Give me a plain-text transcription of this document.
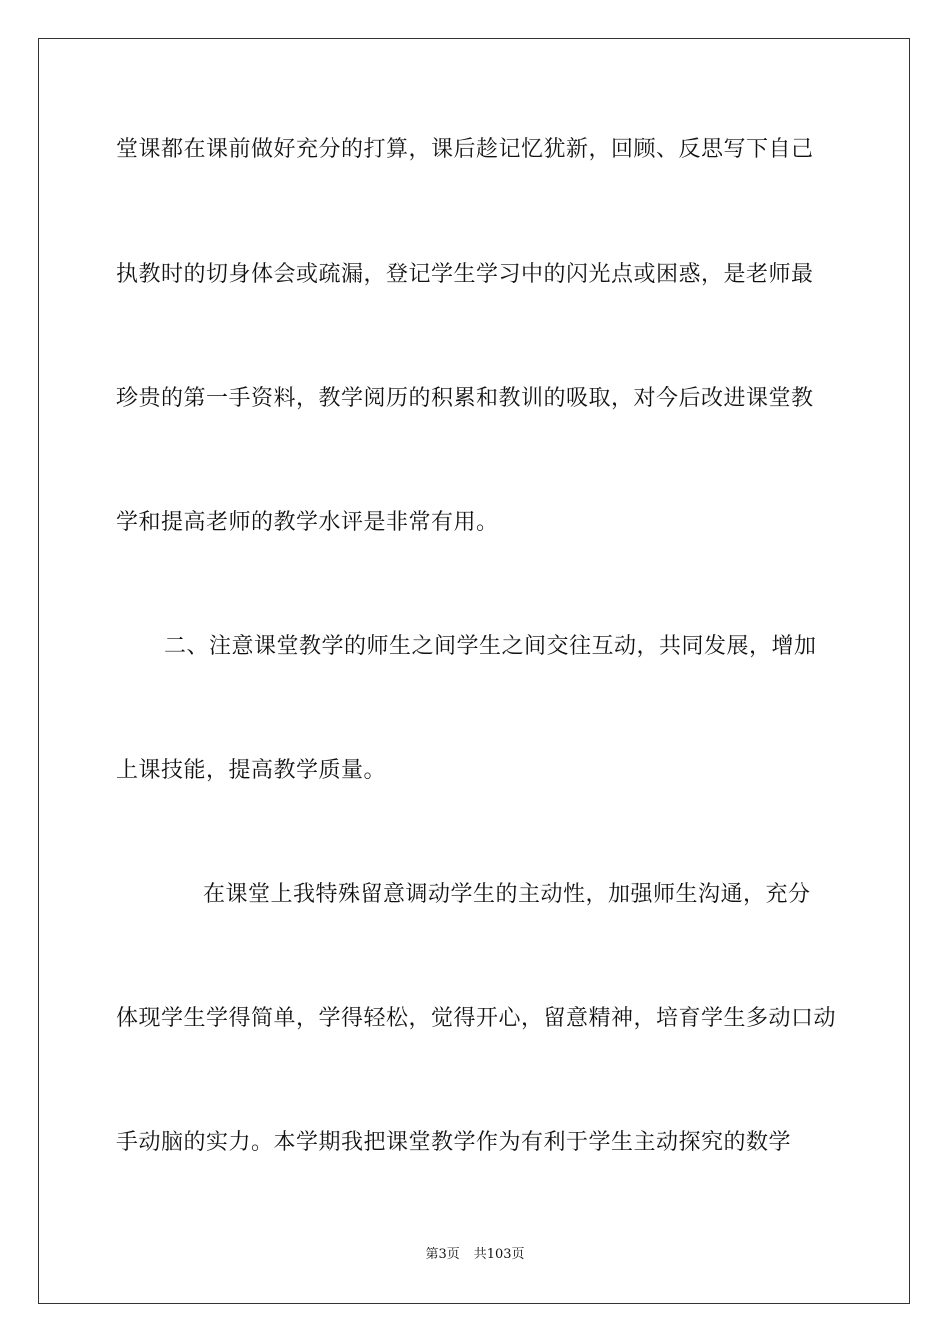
堂课都在课前做好充分的打算，课后趁记忆犹新，回顾、反思写下自己
执教时的切身体会或疏漏，登记学生学习中的闪光点或困惑，是老师最
珍贵的第一手资料，教学阅历的积累和教训的吸取，对今后改进课堂教
学和提高老师的教学水评是非常有用。
二、注意课堂教学的师生之间学生之间交往互动，共同发展，增加
上课技能，提高教学质量。
在课堂上我特殊留意调动学生的主动性，加强师生沟通，充分
体现学生学得简单，学得轻松，觉得开心，留意精神，培育学生多动口动
手动脑的实力。本学期我把课堂教学作为有利于学生主动探究的数学
第3页 共103页
